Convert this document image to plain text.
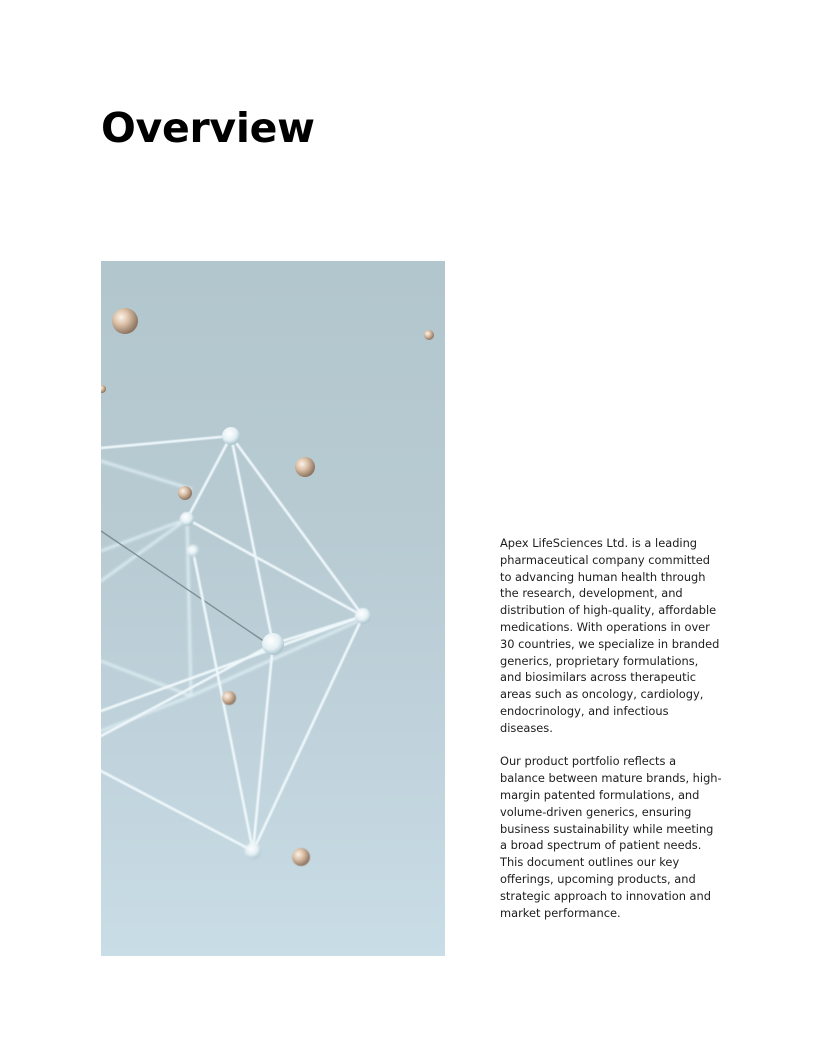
Overview

Apex LifeSciences Ltd. is a leading pharmaceutical company committed to advancing human health through the research, development, and distribution of high-quality, affordable medications. With operations in over 30 countries, we specialize in branded generics, proprietary formulations, and biosimilars across therapeutic areas such as oncology, cardiology, endocrinology, and infectious diseases.

Our product portfolio reflects a balance between mature brands, high-margin patented formulations, and volume-driven generics, ensuring business sustainability while meeting a broad spectrum of patient needs. This document outlines our key offerings, upcoming products, and strategic approach to innovation and market performance.
